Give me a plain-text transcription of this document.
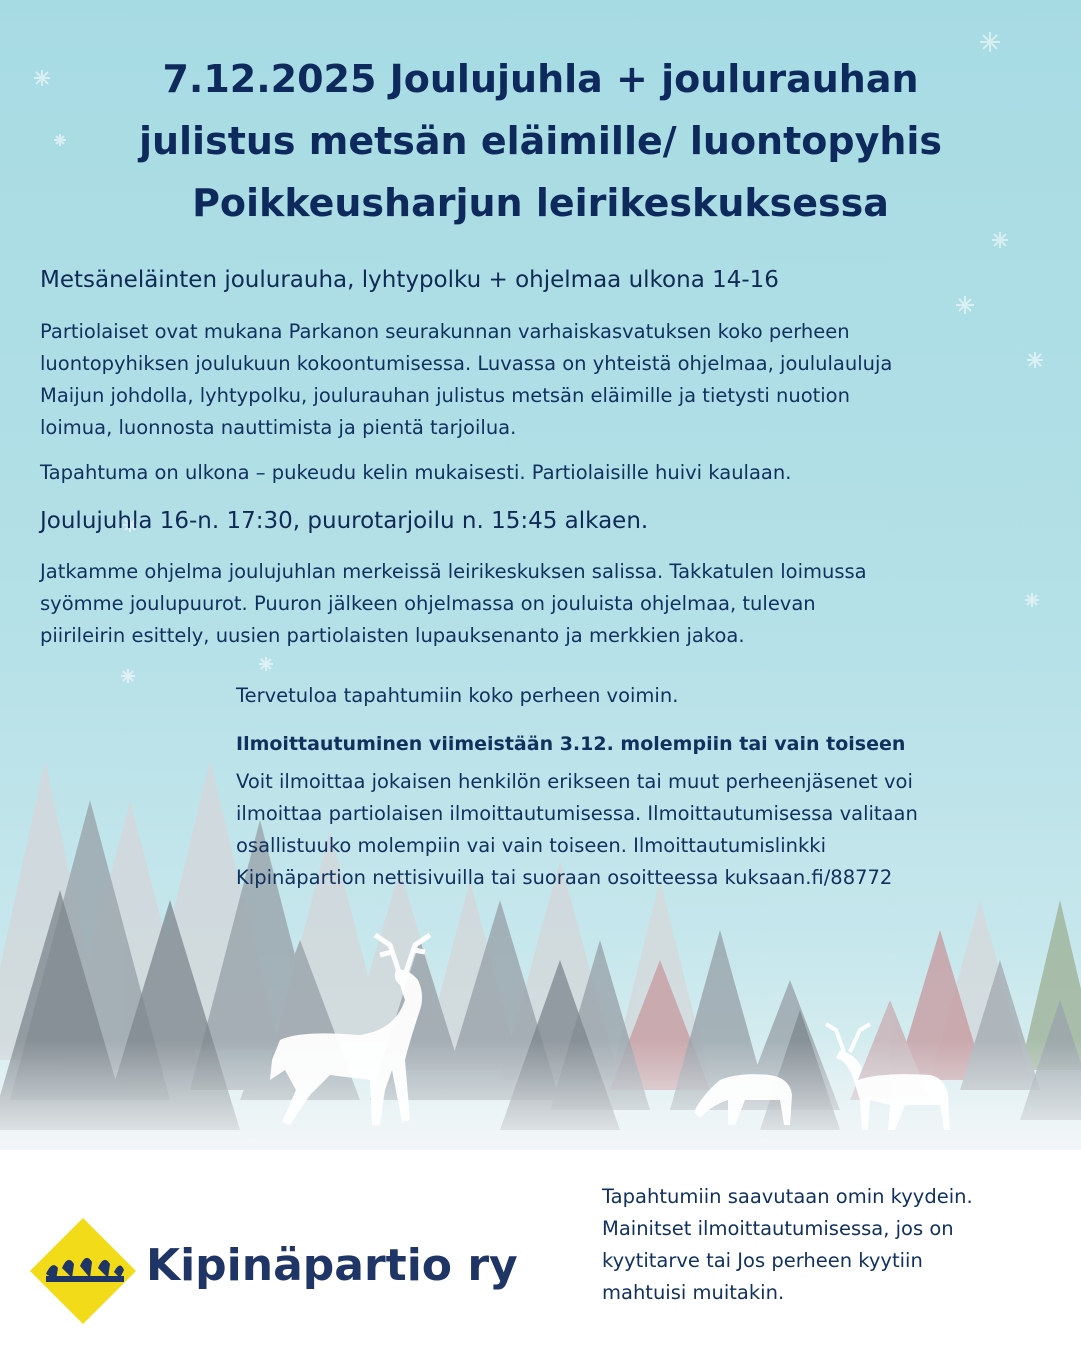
7.12.2025 Joulujuhla + joulurauhan
julistus metsän eläimille/ luontopyhis
Poikkeusharjun leirikeskuksessa
Metsäneläinten joulurauha, lyhtypolku + ohjelmaa ulkona 14-16
Partiolaiset ovat mukana Parkanon seurakunnan varhaiskasvatuksen koko perheen
luontopyhiksen joulukuun kokoontumisessa. Luvassa on yhteistä ohjelmaa, joululauluja
Maijun johdolla, lyhtypolku, joulurauhan julistus metsän eläimille ja tietysti nuotion
loimua, luonnosta nauttimista ja pientä tarjoilua.
Tapahtuma on ulkona – pukeudu kelin mukaisesti. Partiolaisille huivi kaulaan.
Joulujuhla 16-n. 17:30, puurotarjoilu n. 15:45 alkaen.
Jatkamme ohjelma joulujuhlan merkeissä leirikeskuksen salissa. Takkatulen loimussa
syömme joulupuurot. Puuron jälkeen ohjelmassa on jouluista ohjelmaa, tulevan
piirileirin esittely, uusien partiolaisten lupauksenanto ja merkkien jakoa.
Tervetuloa tapahtumiin koko perheen voimin.
Ilmoittautuminen viimeistään 3.12. molempiin tai vain toiseen
Voit ilmoittaa jokaisen henkilön erikseen tai muut perheenjäsenet voi
ilmoittaa partiolaisen ilmoittautumisessa. Ilmoittautumisessa valitaan
osallistuuko molempiin vai vain toiseen. Ilmoittautumislinkki
Kipinäpartion nettisivuilla tai suoraan osoitteessa kuksaan.fi/88772
Kipinäpartio ry
Tapahtumiin saavutaan omin kyydein.
Mainitset ilmoittautumisessa, jos on
kyytitarve tai Jos perheen kyytiin
mahtuisi muitakin.
